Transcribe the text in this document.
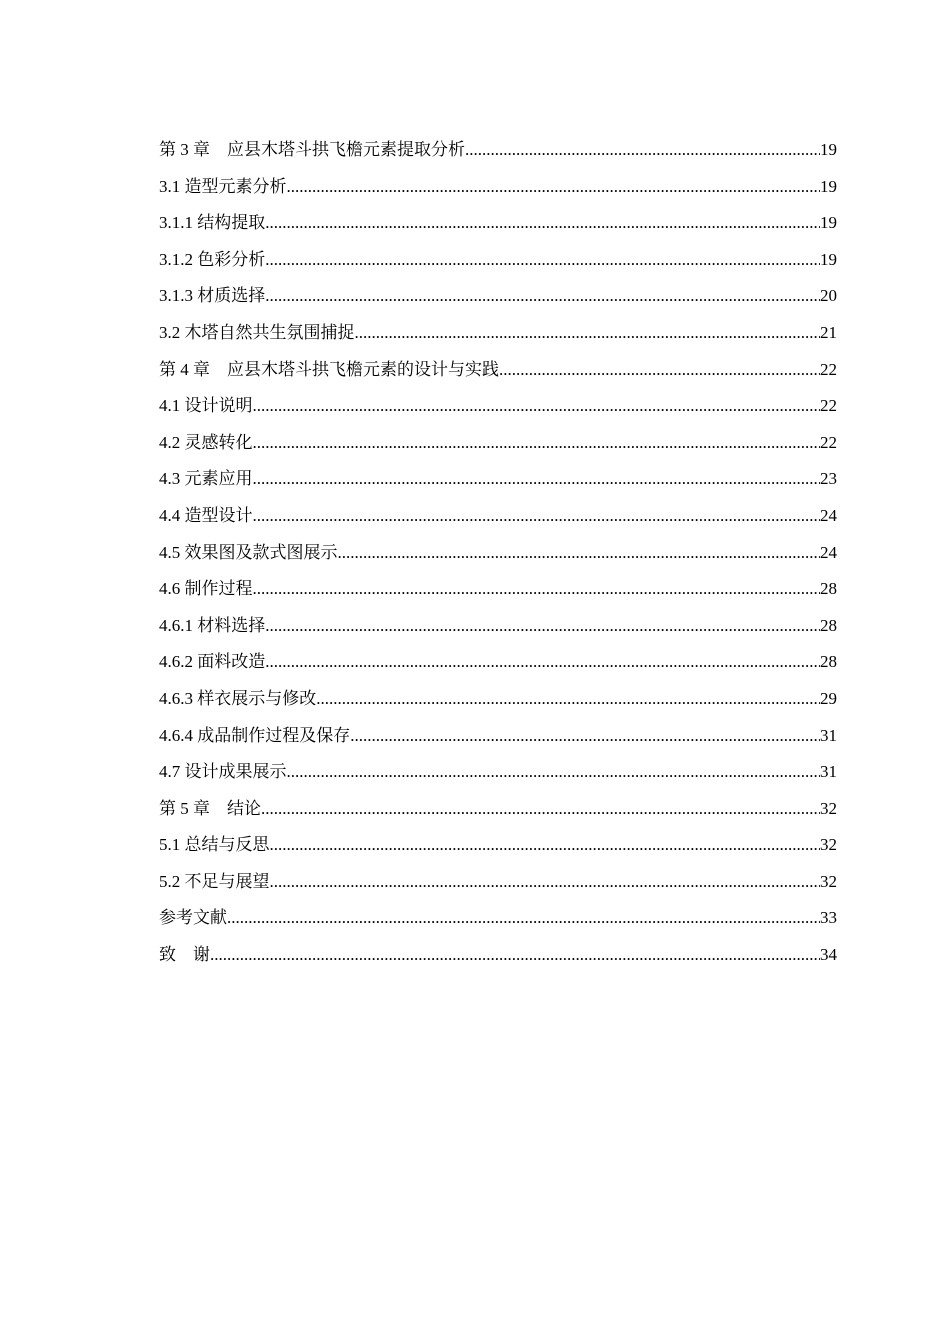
第 3 章　应县木塔斗拱飞檐元素提取分析 .....	19
3.1 造型元素分析 .....	19
3.1.1 结构提取 .....	19
3.1.2 色彩分析 .....	19
3.1.3 材质选择 .....	20
3.2 木塔自然共生氛围捕捉 .....	21
第 4 章　应县木塔斗拱飞檐元素的设计与实践 .....	22
4.1 设计说明 .....	22
4.2 灵感转化 .....	22
4.3 元素应用 .....	23
4.4 造型设计 .....	24
4.5 效果图及款式图展示 .....	24
4.6 制作过程 .....	28
4.6.1 材料选择 .....	28
4.6.2 面料改造 .....	28
4.6.3 样衣展示与修改 .....	29
4.6.4 成品制作过程及保存 .....	31
4.7 设计成果展示 .....	31
第 5 章　结论 .....	32
5.1 总结与反思 .....	32
5.2 不足与展望 .....	32
参考文献 .....	33
致　谢 .....	34
